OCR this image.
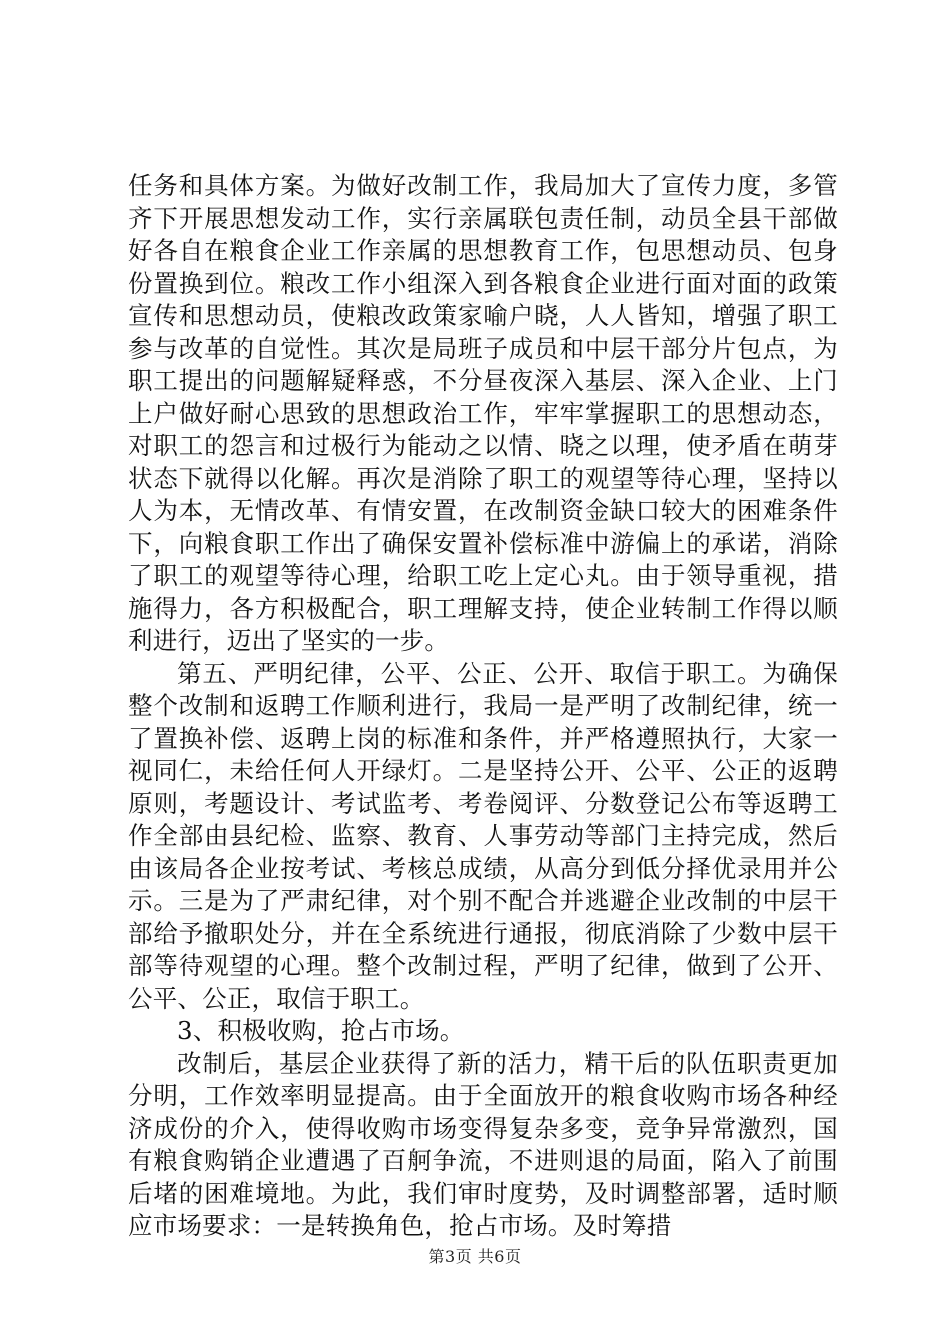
任务和具体方案。为做好改制工作，我局加大了宣传力度，多管齐下开展思想发动工作，实行亲属联包责任制，动员全县干部做好各自在粮食企业工作亲属的思想教育工作，包思想动员、包身份置换到位。粮改工作小组深入到各粮食企业进行面对面的政策宣传和思想动员，使粮改政策家喻户晓，人人皆知，增强了职工参与改革的自觉性。其次是局班子成员和中层干部分片包点，为职工提出的问题解疑释惑，不分昼夜深入基层、深入企业、上门上户做好耐心思致的思想政治工作，牢牢掌握职工的思想动态，对职工的怨言和过极行为能动之以情、晓之以理，使矛盾在萌芽状态下就得以化解。再次是消除了职工的观望等待心理，坚持以人为本，无情改革、有情安置，在改制资金缺口较大的困难条件下，向粮食职工作出了确保安置补偿标准中游偏上的承诺，消除了职工的观望等待心理，给职工吃上定心丸。由于领导重视，措施得力，各方积极配合，职工理解支持，使企业转制工作得以顺利进行，迈出了坚实的一步。

第五、严明纪律，公平、公正、公开、取信于职工。为确保整个改制和返聘工作顺利进行，我局一是严明了改制纪律，统一了置换补偿、返聘上岗的标准和条件，并严格遵照执行，大家一视同仁，未给任何人开绿灯。二是坚持公开、公平、公正的返聘原则，考题设计、考试监考、考卷阅评、分数登记公布等返聘工作全部由县纪检、监察、教育、人事劳动等部门主持完成，然后由该局各企业按考试、考核总成绩，从高分到低分择优录用并公示。三是为了严肃纪律，对个别不配合并逃避企业改制的中层干部给予撤职处分，并在全系统进行通报，彻底消除了少数中层干部等待观望的心理。整个改制过程，严明了纪律，做到了公开、公平、公正，取信于职工。

3、积极收购，抢占市场。

改制后，基层企业获得了新的活力，精干后的队伍职责更加分明，工作效率明显提高。由于全面放开的粮食收购市场各种经济成份的介入，使得收购市场变得复杂多变，竞争异常激烈，国有粮食购销企业遭遇了百舸争流，不进则退的局面，陷入了前围后堵的困难境地。为此，我们审时度势，及时调整部署，适时顺应市场要求：一是转换角色，抢占市场。及时筹措

第3页 共6页
